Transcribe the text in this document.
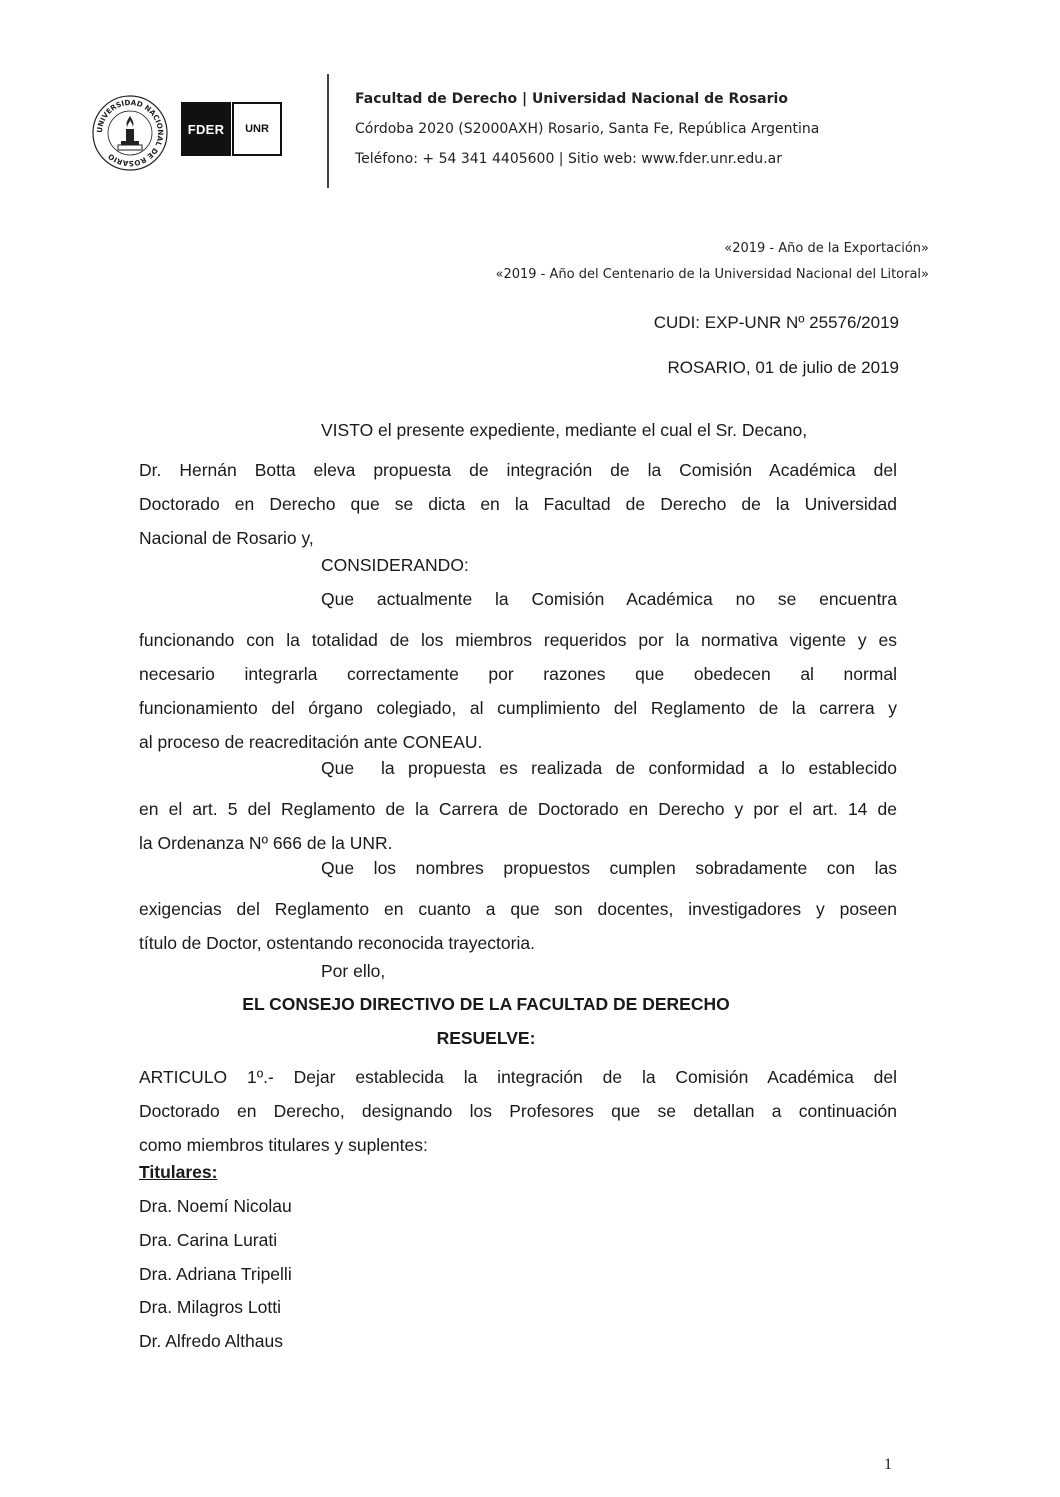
UNIVERSIDAD NACIONAL DE ROSARIO
FDER	UNR
Facultad de Derecho | Universidad Nacional de Rosario
Córdoba 2020 (S2000AXH) Rosario, Santa Fe, República Argentina
Teléfono: + 54 341 4405600 | Sitio web: www.fder.unr.edu.ar
«2019 - Año de la Exportación»
«2019 - Año del Centenario de la Universidad Nacional del Litoral»
CUDI: EXP-UNR Nº 25576/2019
ROSARIO, 01 de julio de 2019
VISTO el presente expediente, mediante el cual el Sr. Decano,
Dr. Hernán Botta eleva propuesta de integración de la Comisión Académica del
Doctorado en Derecho que se dicta en la Facultad de Derecho de la Universidad
Nacional de Rosario y,
CONSIDERANDO:
Que actualmente la Comisión Académica no se encuentra
funcionando con la totalidad de los miembros requeridos por la normativa vigente y es
necesario integrarla correctamente por razones que obedecen al normal
funcionamiento del órgano colegiado, al cumplimiento del Reglamento de la carrera y
al proceso de reacreditación ante CONEAU.
Que  la propuesta es realizada de conformidad a lo establecido
en el art. 5 del Reglamento de la Carrera de Doctorado en Derecho y por el art. 14 de
la Ordenanza Nº 666 de la UNR.
Que los nombres propuestos cumplen sobradamente con las
exigencias del Reglamento en cuanto a que son docentes, investigadores y poseen
título de Doctor, ostentando reconocida trayectoria.
Por ello,
EL CONSEJO DIRECTIVO DE LA FACULTAD DE DERECHO
RESUELVE:
ARTICULO 1º.- Dejar establecida la integración de la Comisión Académica del
Doctorado en Derecho, designando los Profesores que se detallan a continuación
como miembros titulares y suplentes:
Titulares:
Dra. Noemí Nicolau
Dra. Carina Lurati
Dra. Adriana Tripelli
Dra. Milagros Lotti
Dr. Alfredo Althaus
1
